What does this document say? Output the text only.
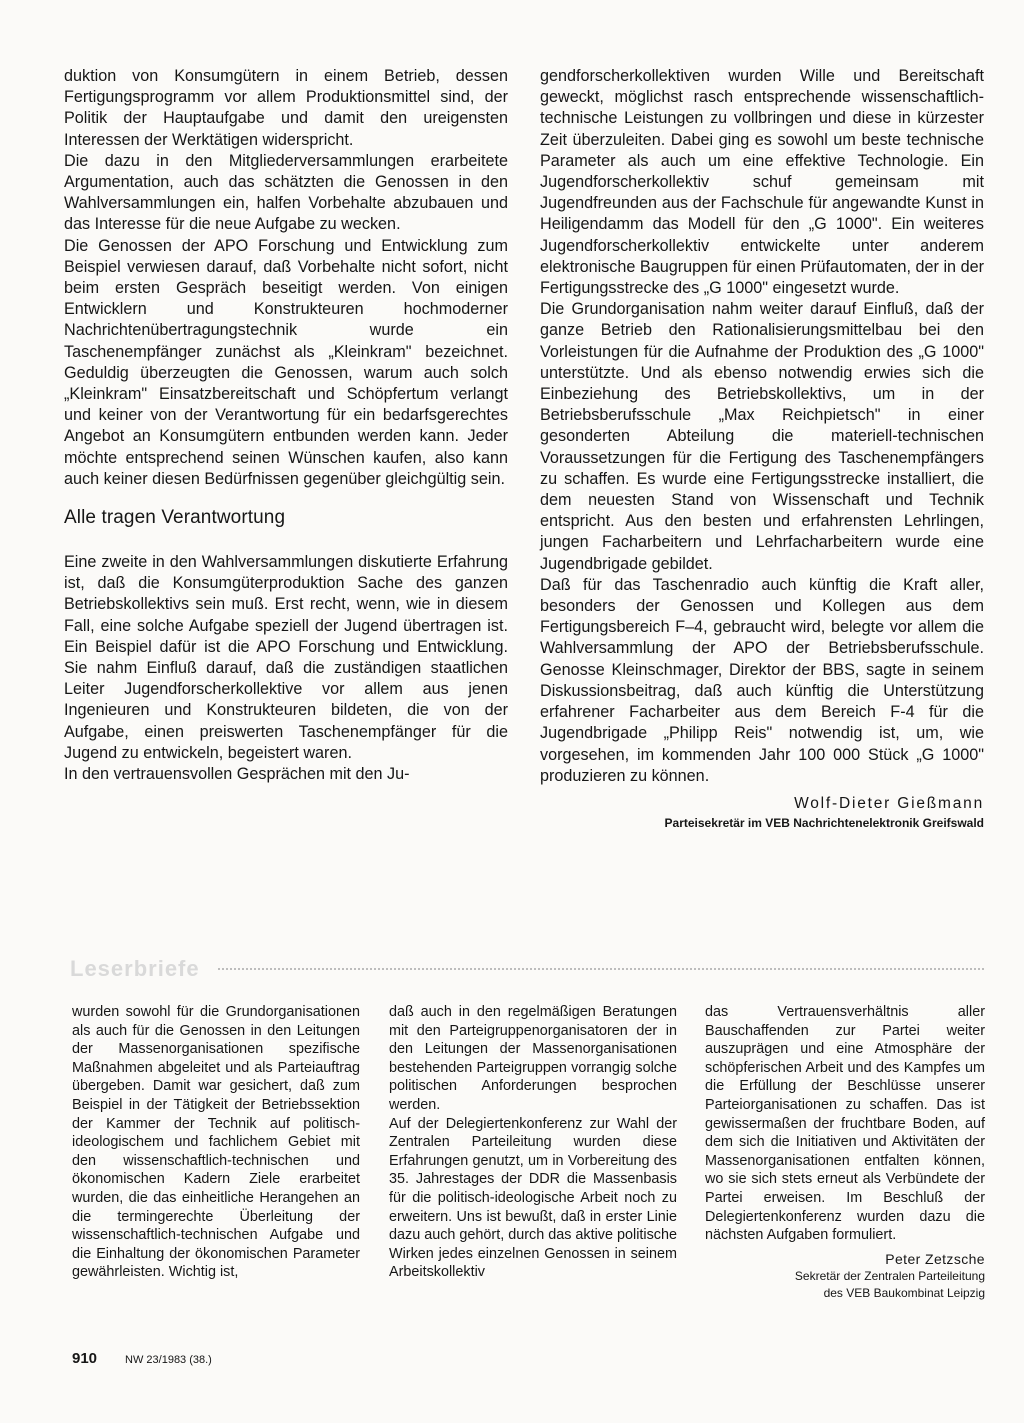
duktion von Konsumgütern in einem Betrieb, dessen Fertigungsprogramm vor allem Produktionsmittel sind, der Politik der Hauptaufgabe und damit den ureigensten Interessen der Werktätigen widerspricht.

Die dazu in den Mitgliederversammlungen erarbeitete Argumentation, auch das schätzten die Genossen in den Wahlversammlungen ein, halfen Vorbehalte abzubauen und das Interesse für die neue Aufgabe zu wecken.

Die Genossen der APO Forschung und Entwicklung zum Beispiel verwiesen darauf, daß Vorbehalte nicht sofort, nicht beim ersten Gespräch beseitigt werden. Von einigen Entwicklern und Konstrukteuren hochmoderner Nachrichtenübertragungstechnik wurde ein Taschenempfänger zunächst als „Kleinkram" bezeichnet. Geduldig überzeugten die Genossen, warum auch solch „Kleinkram" Einsatzbereitschaft und Schöpfertum verlangt und keiner von der Verantwortung für ein bedarfsgerechtes Angebot an Konsumgütern entbunden werden kann. Jeder möchte entsprechend seinen Wünschen kaufen, also kann auch keiner diesen Bedürfnissen gegenüber gleichgültig sein.

Alle tragen Verantwortung

Eine zweite in den Wahlversammlungen diskutierte Erfahrung ist, daß die Konsumgüterproduktion Sache des ganzen Betriebskollektivs sein muß. Erst recht, wenn, wie in diesem Fall, eine solche Aufgabe speziell der Jugend übertragen ist. Ein Beispiel dafür ist die APO Forschung und Entwicklung. Sie nahm Einfluß darauf, daß die zuständigen staatlichen Leiter Jugendforscherkollektive vor allem aus jenen Ingenieuren und Konstrukteuren bildeten, die von der Aufgabe, einen preiswerten Taschenempfänger für die Jugend zu entwickeln, begeistert waren.

In den vertrauensvollen Gesprächen mit den Ju-

gendforscherkollektiven wurden Wille und Bereitschaft geweckt, möglichst rasch entsprechende wissenschaftlich-technische Leistungen zu vollbringen und diese in kürzester Zeit überzuleiten. Dabei ging es sowohl um beste technische Parameter als auch um eine effektive Technologie. Ein Jugendforscherkollektiv schuf gemeinsam mit Jugendfreunden aus der Fachschule für angewandte Kunst in Heiligendamm das Modell für den „G 1000". Ein weiteres Jugendforscherkollektiv entwickelte unter anderem elektronische Baugruppen für einen Prüfautomaten, der in der Fertigungsstrecke des „G 1000" eingesetzt wurde.

Die Grundorganisation nahm weiter darauf Einfluß, daß der ganze Betrieb den Rationalisierungsmittelbau bei den Vorleistungen für die Aufnahme der Produktion des „G 1000" unterstützte. Und als ebenso notwendig erwies sich die Einbeziehung des Betriebskollektivs, um in der Betriebsberufsschule „Max Reichpietsch" in einer gesonderten Abteilung die materiell-technischen Voraussetzungen für die Fertigung des Taschenempfängers zu schaffen. Es wurde eine Fertigungsstrecke installiert, die dem neuesten Stand von Wissenschaft und Technik entspricht. Aus den besten und erfahrensten Lehrlingen, jungen Facharbeitern und Lehrfacharbeitern wurde eine Jugendbrigade gebildet.

Daß für das Taschenradio auch künftig die Kraft aller, besonders der Genossen und Kollegen aus dem Fertigungsbereich F–4, gebraucht wird, belegte vor allem die Wahlversammlung der APO der Betriebsberufsschule. Genosse Kleinschmager, Direktor der BBS, sagte in seinem Diskussionsbeitrag, daß auch künftig die Unterstützung erfahrener Facharbeiter aus dem Bereich F-4 für die Jugendbrigade „Philipp Reis" notwendig ist, um, wie vorgesehen, im kommenden Jahr 100 000 Stück „G 1000" produzieren zu können.

Wolf-Dieter Gießmann
Parteisekretär im VEB Nachrichtenelektronik Greifswald
Leserbriefe

wurden sowohl für die Grundorganisationen als auch für die Genossen in den Leitungen der Massenorganisationen spezifische Maßnahmen abgeleitet und als Parteiauftrag übergeben. Damit war gesichert, daß zum Beispiel in der Tätigkeit der Betriebssektion der Kammer der Technik auf politisch-ideologischem und fachlichem Gebiet mit den wissenschaftlich-technischen und ökonomischen Kadern Ziele erarbeitet wurden, die das einheitliche Herangehen an die termingerechte Überleitung der wissenschaftlich-technischen Aufgabe und die Einhaltung der ökonomischen Parameter gewährleisten. Wichtig ist,

daß auch in den regelmäßigen Beratungen mit den Parteigruppenorganisatoren der in den Leitungen der Massenorganisationen bestehenden Parteigruppen vorrangig solche politischen Anforderungen besprochen werden.

Auf der Delegiertenkonferenz zur Wahl der Zentralen Parteileitung wurden diese Erfahrungen genutzt, um in Vorbereitung des 35. Jahrestages der DDR die Massenbasis für die politisch-ideologische Arbeit noch zu erweitern. Uns ist bewußt, daß in erster Linie dazu auch gehört, durch das aktive politische Wirken jedes einzelnen Genossen in seinem Arbeitskollektiv

das Vertrauensverhältnis aller Bauschaffenden zur Partei weiter auszuprägen und eine Atmosphäre der schöpferischen Arbeit und des Kampfes um die Erfüllung der Beschlüsse unserer Parteiorganisationen zu schaffen. Das ist gewissermaßen der fruchtbare Boden, auf dem sich die Initiativen und Aktivitäten der Massenorganisationen entfalten können, wo sie sich stets erneut als Verbündete der Partei erweisen. Im Beschluß der Delegiertenkonferenz wurden dazu die nächsten Aufgaben formuliert.

Peter Zetzsche
Sekretär der Zentralen Parteileitung
des VEB Baukombinat Leipzig
910	NW 23/1983 (38.)
